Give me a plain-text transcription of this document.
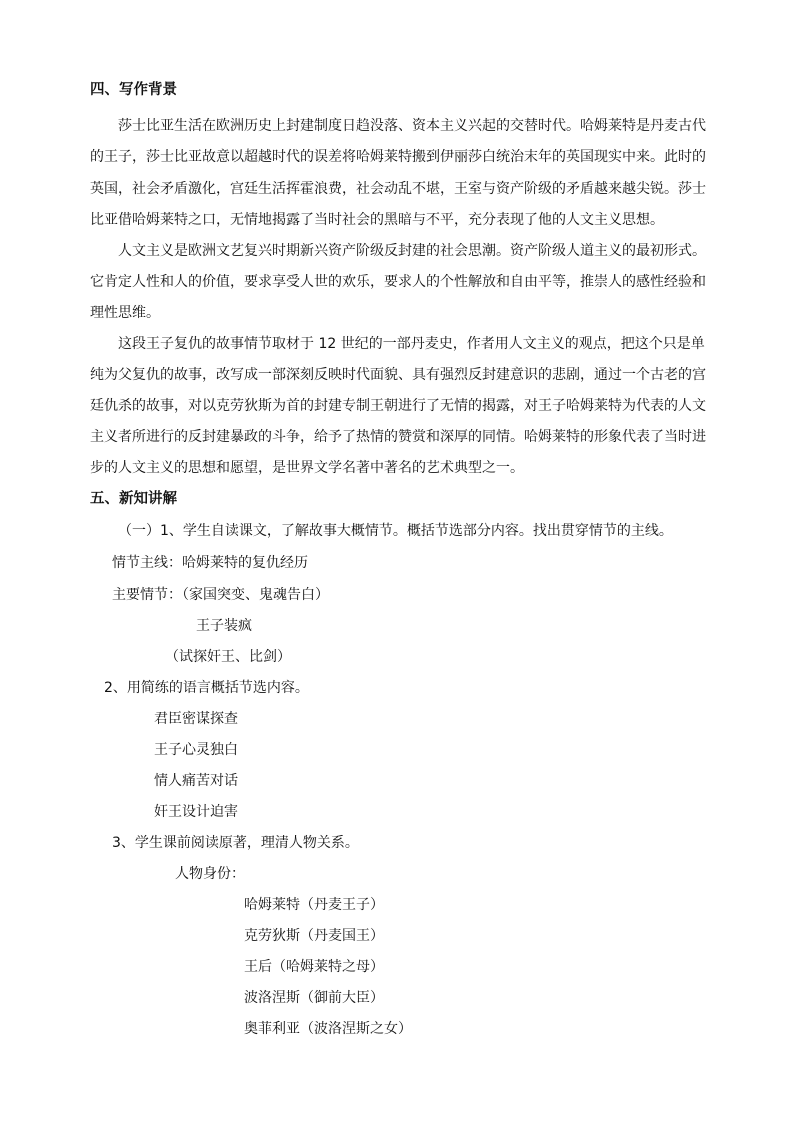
四、写作背景
莎士比亚生活在欧洲历史上封建制度日趋没落、资本主义兴起的交替时代。哈姆莱特是丹麦古代
的王子，莎士比亚故意以超越时代的误差将哈姆莱特搬到伊丽莎白统治末年的英国现实中来。此时的
英国，社会矛盾激化，宫廷生活挥霍浪费，社会动乱不堪，王室与资产阶级的矛盾越来越尖锐。莎士
比亚借哈姆莱特之口，无情地揭露了当时社会的黑暗与不平，充分表现了他的人文主义思想。
人文主义是欧洲文艺复兴时期新兴资产阶级反封建的社会思潮。资产阶级人道主义的最初形式。
它肯定人性和人的价值，要求享受人世的欢乐，要求人的个性解放和自由平等，推崇人的感性经验和
理性思维。
这段王子复仇的故事情节取材于 12 世纪的一部丹麦史，作者用人文主义的观点，把这个只是单
纯为父复仇的故事，改写成一部深刻反映时代面貌、具有强烈反封建意识的悲剧，通过一个古老的宫
廷仇杀的故事，对以克劳狄斯为首的封建专制王朝进行了无情的揭露，对王子哈姆莱特为代表的人文
主义者所进行的反封建暴政的斗争，给予了热情的赞赏和深厚的同情。哈姆莱特的形象代表了当时进
步的人文主义的思想和愿望，是世界文学名著中著名的艺术典型之一。
五、新知讲解
（一）1、学生自读课文，了解故事大概情节。概括节选部分内容。找出贯穿情节的主线。
情节主线：哈姆莱特的复仇经历
主要情节：（家国突变、鬼魂告白）
王子装疯
（试探奸王、比剑）
2、用简练的语言概括节选内容。
君臣密谋探查
王子心灵独白
情人痛苦对话
奸王设计迫害
3、学生课前阅读原著，理清人物关系。
人物身份：
哈姆莱特（丹麦王子）
克劳狄斯（丹麦国王）
王后（哈姆莱特之母）
波洛涅斯（御前大臣）
奥菲利亚（波洛涅斯之女）
